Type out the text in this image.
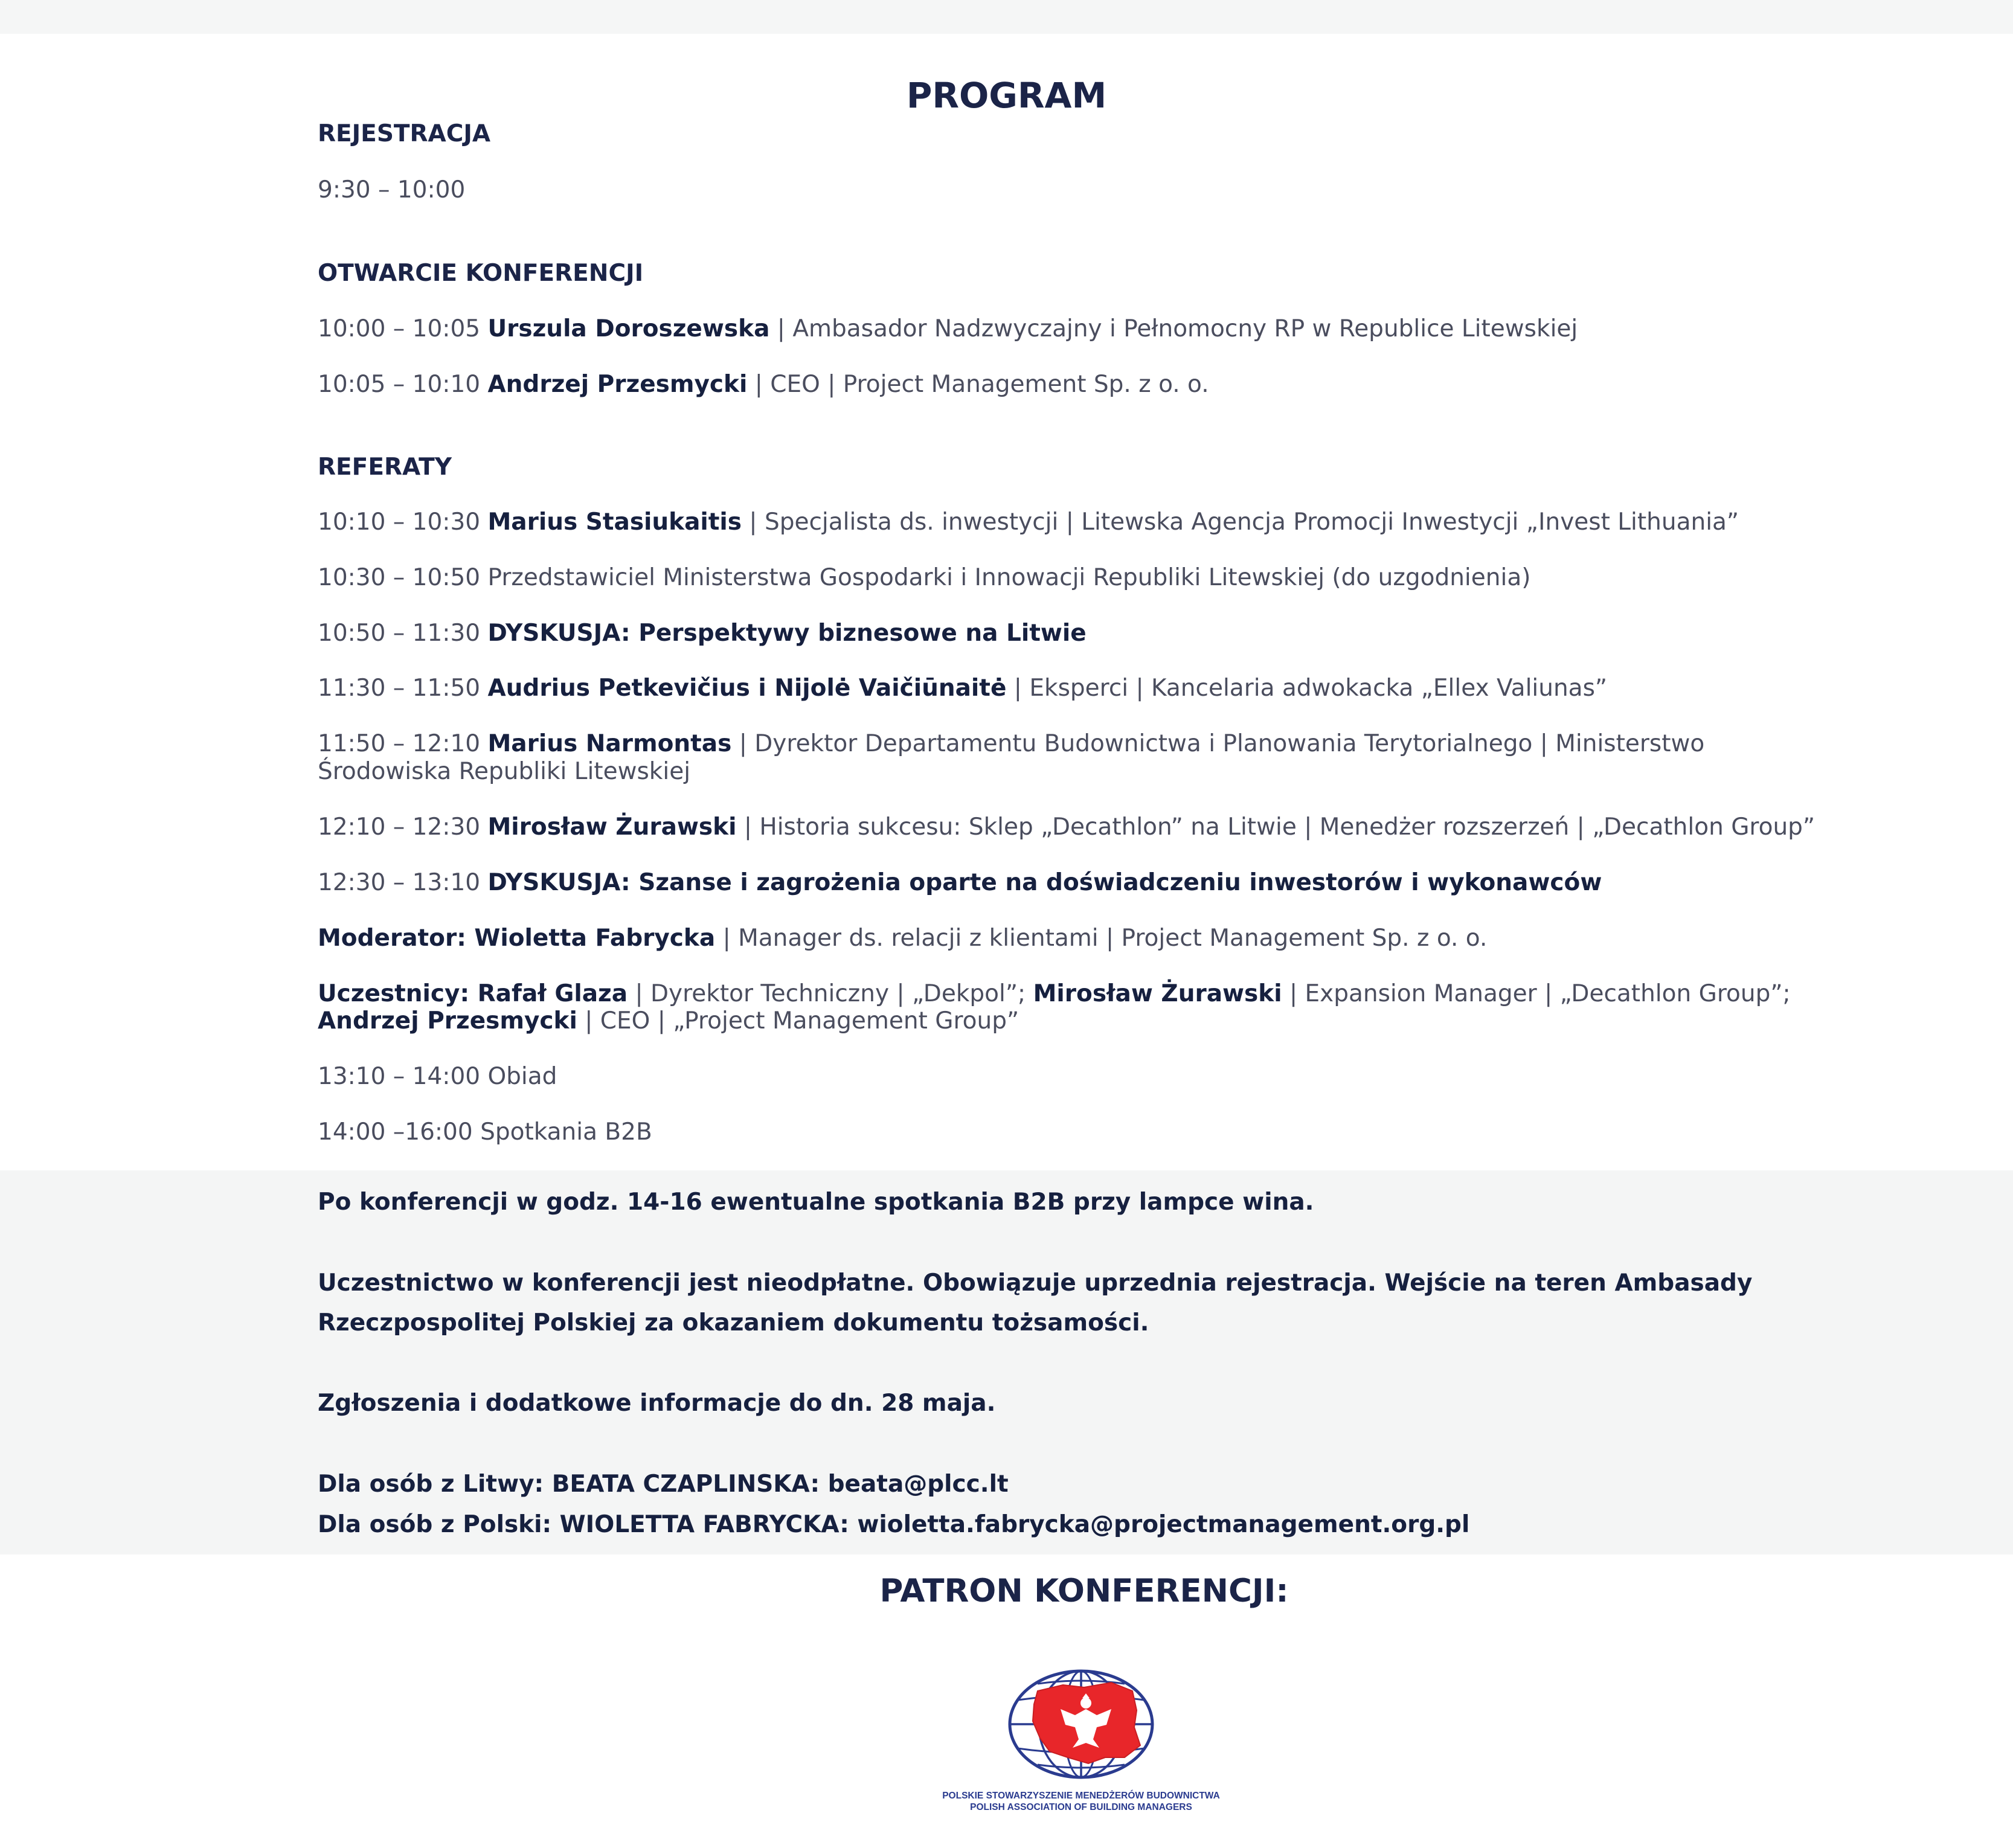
PROGRAM
REJESTRACJA
9:30 – 10:00
OTWARCIE KONFERENCJI
10:00 – 10:05 Urszula Doroszewska | Ambasador Nadzwyczajny i Pełnomocny RP w Republice Litewskiej
10:05 – 10:10 Andrzej Przesmycki | CEO | Project Management Sp. z o. o.
REFERATY
10:10 – 10:30 Marius Stasiukaitis | Specjalista ds. inwestycji | Litewska Agencja Promocji Inwestycji „Invest Lithuania”
10:30 – 10:50 Przedstawiciel Ministerstwa Gospodarki i Innowacji Republiki Litewskiej (do uzgodnienia)
10:50 – 11:30 DYSKUSJA: Perspektywy biznesowe na Litwie
11:30 – 11:50 Audrius Petkevičius i Nijolė Vaičiūnaitė | Eksperci | Kancelaria adwokacka „Ellex Valiunas”
11:50 – 12:10 Marius Narmontas | Dyrektor Departamentu Budownictwa i Planowania Terytorialnego | Ministerstwo Środowiska Republiki Litewskiej
12:10 – 12:30 Mirosław Żurawski | Historia sukcesu: Sklep „Decathlon” na Litwie | Menedżer rozszerzeń | „Decathlon Group”
12:30 – 13:10 DYSKUSJA: Szanse i zagrożenia oparte na doświadczeniu inwestorów i wykonawców
Moderator: Wioletta Fabrycka | Manager ds. relacji z klientami | Project Management Sp. z o. o.
Uczestnicy: Rafał Glaza | Dyrektor Techniczny | „Dekpol”; Mirosław Żurawski | Expansion Manager | „Decathlon Group”;
Andrzej Przesmycki | CEO | „Project Management Group”
13:10 – 14:00 Obiad
14:00 –16:00 Spotkania B2B
Po konferencji w godz. 14-16 ewentualne spotkania B2B przy lampce wina.
Uczestnictwo w konferencji jest nieodpłatne. Obowiązuje uprzednia rejestracja. Wejście na teren Ambasady
Rzeczpospolitej Polskiej za okazaniem dokumentu tożsamości.
Zgłoszenia i dodatkowe informacje do dn. 28 maja.
Dla osób z Litwy: BEATA CZAPLINSKA: beata@plcc.lt
Dla osób z Polski: WIOLETTA FABRYCKA: wioletta.fabrycka@projectmanagement.org.pl
PATRON KONFERENCJI:
POLSKIE STOWARZYSZENIE MENEDŻERÓW BUDOWNICTWA
POLISH ASSOCIATION OF BUILDING MANAGERS
